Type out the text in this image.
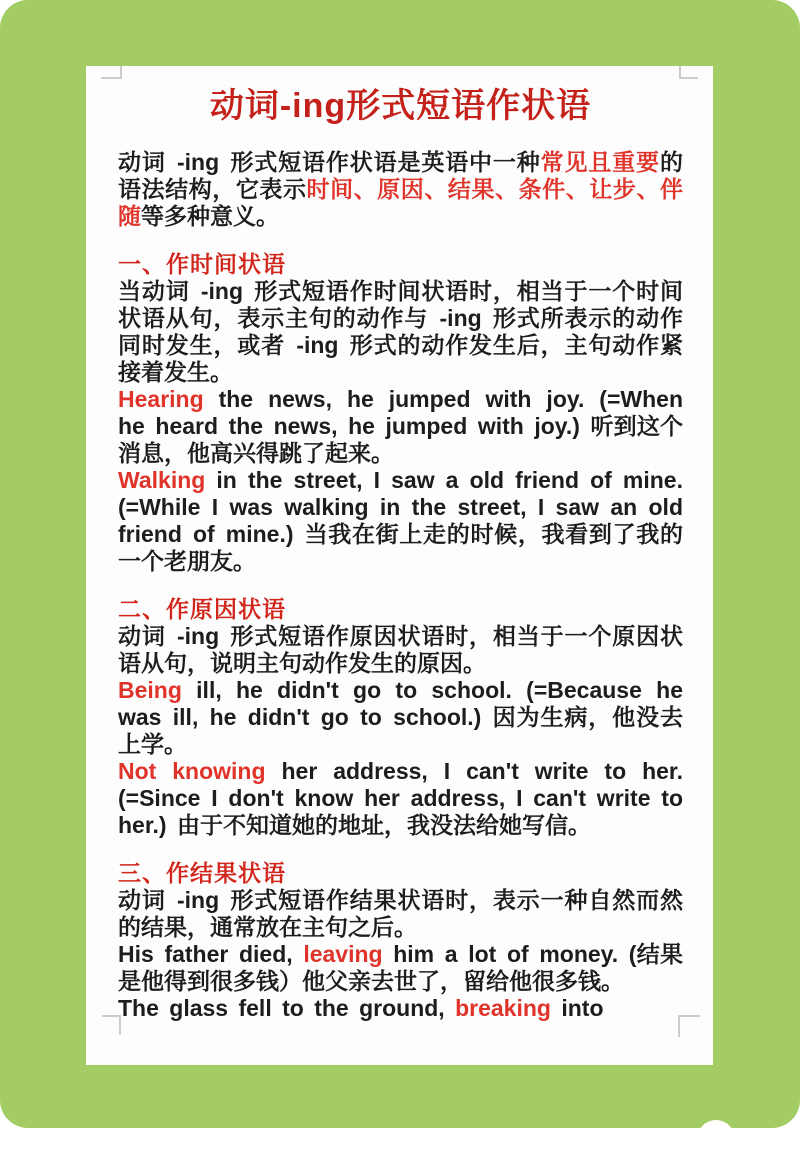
动词-ing形式短语作状语

动词 -ing 形式短语作状语是英语中一种常见且重要的语法结构，它表示时间、原因、结果、条件、让步、伴随等多种意义。

一、作时间状语

当动词 -ing 形式短语作时间状语时，相当于一个时间状语从句，表示主句的动作与 -ing 形式所表示的动作同时发生，或者 -ing 形式的动作发生后，主句动作紧接着发生。

Hearing the news, he jumped with joy. (=When he heard the news, he jumped with joy.) 听到这个消息，他高兴得跳了起来。

Walking in the street, I saw a old friend of mine. (=While I was walking in the street, I saw an old friend of mine.) 当我在街上走的时候，我看到了我的一个老朋友。

二、作原因状语

动词 -ing 形式短语作原因状语时，相当于一个原因状语从句，说明主句动作发生的原因。

Being ill, he didn't go to school. (=Because he was ill, he didn't go to school.) 因为生病，他没去上学。

Not knowing her address, I can't write to her. (=Since I don't know her address, I can't write to her.) 由于不知道她的地址，我没法给她写信。

三、作结果状语

动词 -ing 形式短语作结果状语时，表示一种自然而然的结果，通常放在主句之后。

His father died, leaving him a lot of money. (结果是他得到很多钱）他父亲去世了，留给他很多钱。

The glass fell to the ground, breaking into
